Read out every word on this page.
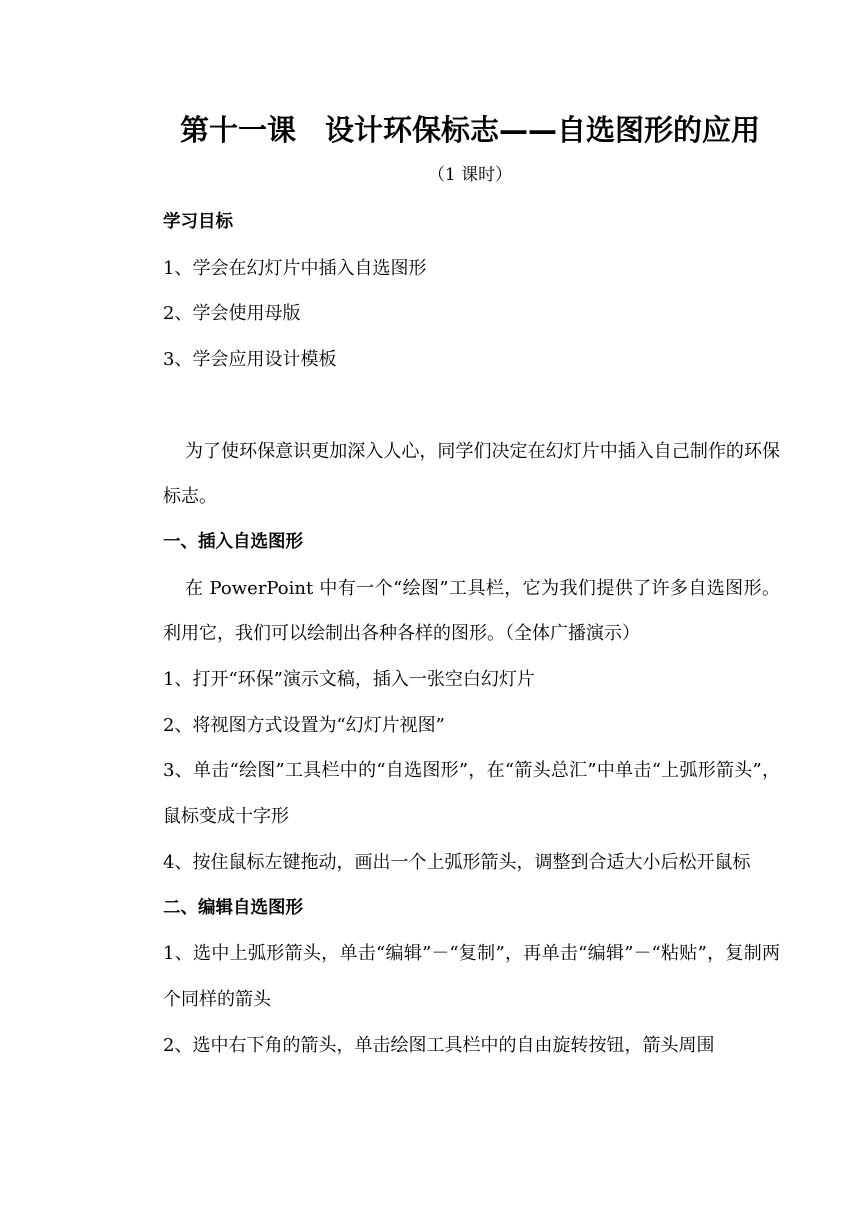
第十一课　设计环保标志——自选图形的应用
（1 课时）

学习目标

1、学会在幻灯片中插入自选图形

2、学会使用母版

3、学会应用设计模板

为了使环保意识更加深入人心，同学们决定在幻灯片中插入自己制作的环保标志。

一、插入自选图形

在 PowerPoint 中有一个“绘图”工具栏，它为我们提供了许多自选图形。利用它，我们可以绘制出各种各样的图形。（全体广播演示）

1、打开“环保”演示文稿，插入一张空白幻灯片

2、将视图方式设置为“幻灯片视图”

3、单击“绘图”工具栏中的“自选图形”，在“箭头总汇”中单击“上弧形箭头”，鼠标变成十字形

4、按住鼠标左键拖动，画出一个上弧形箭头，调整到合适大小后松开鼠标

二、编辑自选图形

1、选中上弧形箭头，单击“编辑”－“复制”，再单击“编辑”－“粘贴”，复制两个同样的箭头

2、选中右下角的箭头，单击绘图工具栏中的自由旋转按钮，箭头周围
